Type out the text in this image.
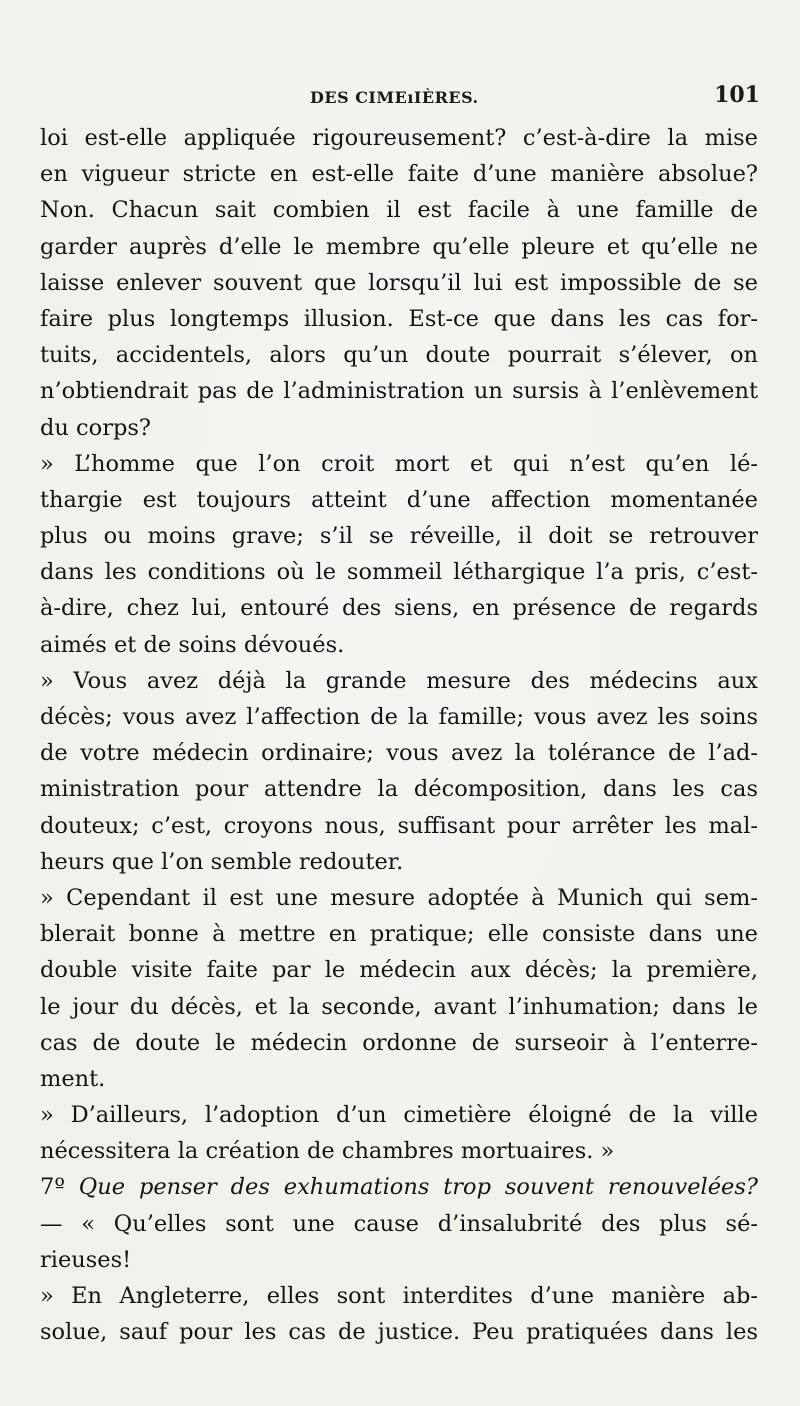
DES CIMEıIÈRES.	101
loi est-elle appliquée rigoureusement? c’est-à-dire la mise
en vigueur stricte en est-elle faite d’une manière absolue?
Non. Chacun sait combien il est facile à une famille de
garder auprès d’elle le membre qu’elle pleure et qu’elle ne
laisse enlever souvent que lorsqu’il lui est impossible de se
faire plus longtemps illusion. Est-ce que dans les cas for-
tuits, accidentels, alors qu’un doute pourrait s’élever, on
n’obtiendrait pas de l’administration un sursis à l’enlèvement
du corps?
» L’homme que l’on croit mort et qui n’est qu’en lé-
thargie est toujours atteint d’une affection momentanée
plus ou moins grave; s’il se réveille, il doit se retrouver
dans les conditions où le sommeil léthargique l’a pris, c’est-
à-dire, chez lui, entouré des siens, en présence de regards
aimés et de soins dévoués.
» Vous avez déjà la grande mesure des médecins aux
décès; vous avez l’affection de la famille; vous avez les soins
de votre médecin ordinaire; vous avez la tolérance de l’ad-
ministration pour attendre la décomposition, dans les cas
douteux; c’est, croyons nous, suffisant pour arrêter les mal-
heurs que l’on semble redouter.
» Cependant il est une mesure adoptée à Munich qui sem-
blerait bonne à mettre en pratique; elle consiste dans une
double visite faite par le médecin aux décès; la première,
le jour du décès, et la seconde, avant l’inhumation; dans le
cas de doute le médecin ordonne de surseoir à l’enterre-
ment.
» D’ailleurs, l’adoption d’un cimetière éloigné de la ville
nécessitera la création de chambres mortuaires. »
7º Que penser des exhumations trop souvent renouvelées?
— « Qu’elles sont une cause d’insalubrité des plus sé-
rieuses!
» En Angleterre, elles sont interdites d’une manière ab-
solue, sauf pour les cas de justice. Peu pratiquées dans les
